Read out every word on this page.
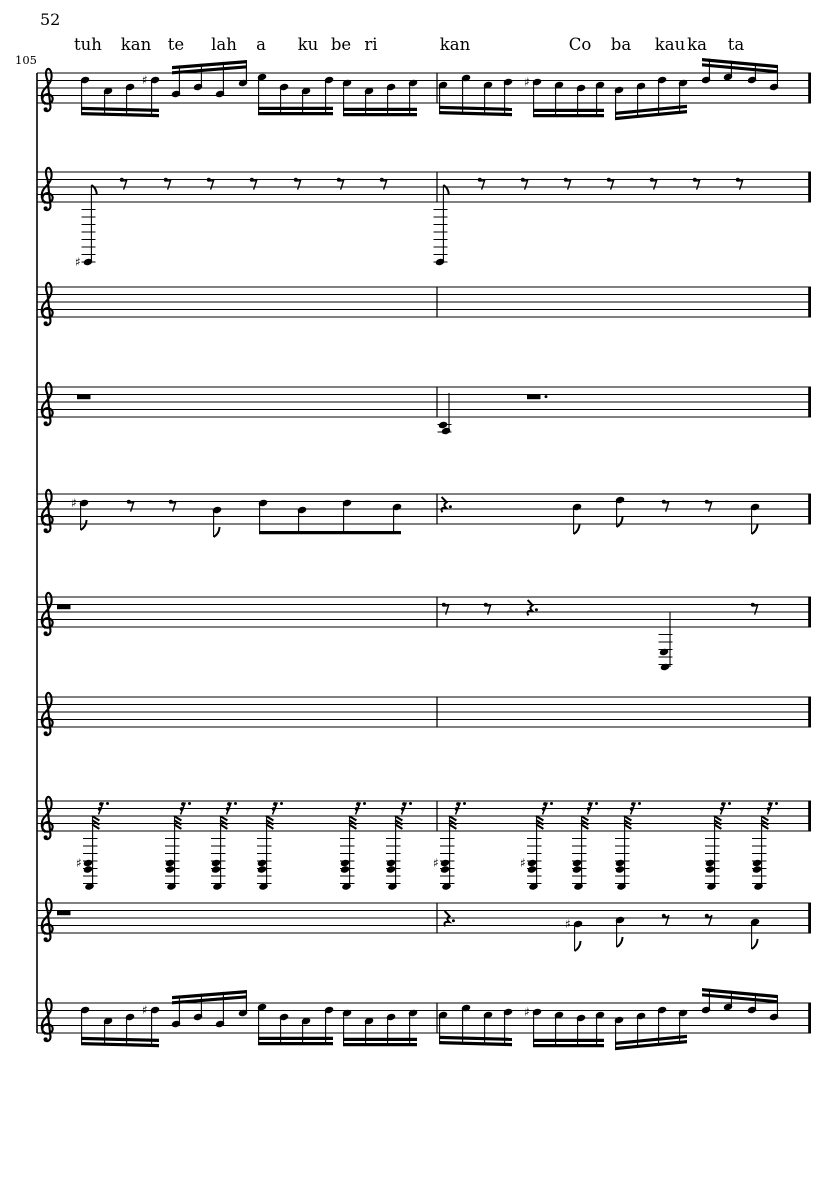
52
105
tuh kan te lah a ku be ri	kan	Co ba kau ka ta
♯	♯
♯
♯
♯	♯	♯
♯
♯	♯
